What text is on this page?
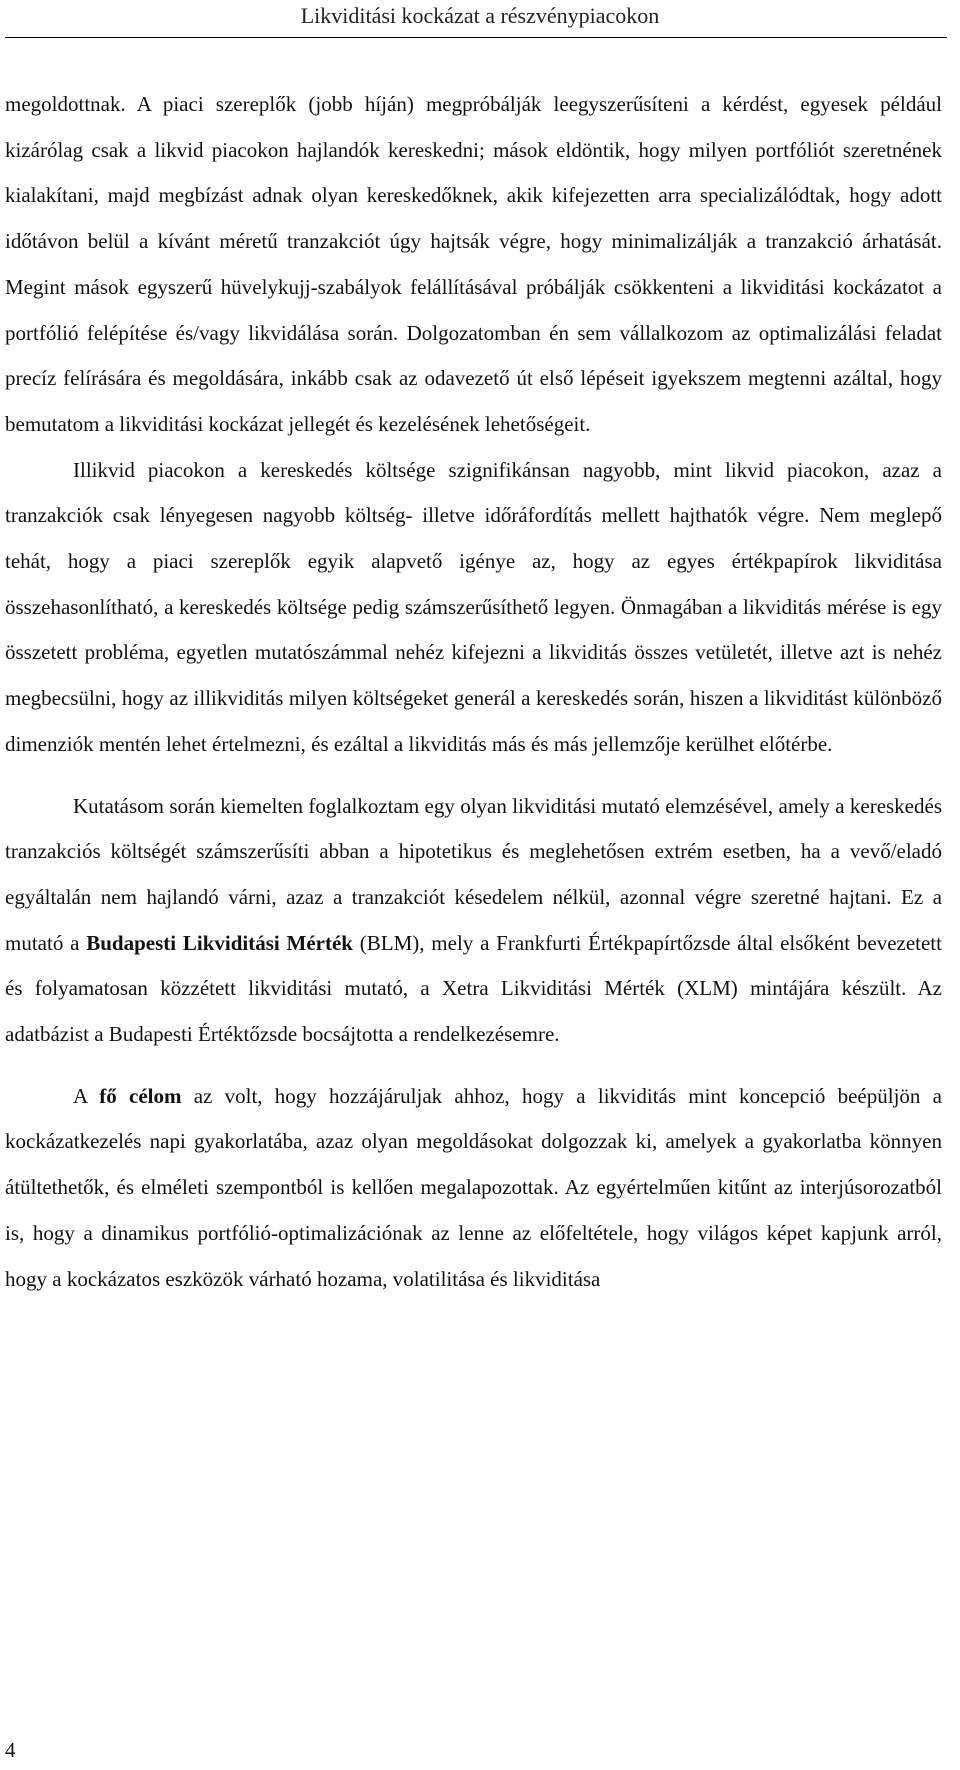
Likviditási kockázat a részvénypiacokon

megoldottnak. A piaci szereplők (jobb híján) megpróbálják leegyszerűsíteni a kérdést, egyesek például kizárólag csak a likvid piacokon hajlandók kereskedni; mások eldöntik, hogy milyen portfóliót szeretnének kialakítani, majd megbízást adnak olyan kereskedőknek, akik kifejezetten arra specializálódtak, hogy adott időtávon belül a kívánt méretű tranzakciót úgy hajtsák végre, hogy minimalizálják a tranzakció árhatását. Megint mások egyszerű hüvelykujj-szabályok felállításával próbálják csökkenteni a likviditási kockázatot a portfólió felépítése és/vagy likvidálása során. Dolgozatomban én sem vállalkozom az optimalizálási feladat precíz felírására és megoldására, inkább csak az odavezető út első lépéseit igyekszem megtenni azáltal, hogy bemutatom a likviditási kockázat jellegét és kezelésének lehetőségeit.

Illikvid piacokon a kereskedés költsége szignifikánsan nagyobb, mint likvid piacokon, azaz a tranzakciók csak lényegesen nagyobb költség- illetve időráfordítás mellett hajthatók végre. Nem meglepő tehát, hogy a piaci szereplők egyik alapvető igénye az, hogy az egyes értékpapírok likviditása összehasonlítható, a kereskedés költsége pedig számszerűsíthető legyen. Önmagában a likviditás mérése is egy összetett probléma, egyetlen mutatószámmal nehéz kifejezni a likviditás összes vetületét, illetve azt is nehéz megbecsülni, hogy az illikviditás milyen költségeket generál a kereskedés során, hiszen a likviditást különböző dimenziók mentén lehet értelmezni, és ezáltal a likviditás más és más jellemzője kerülhet előtérbe.

Kutatásom során kiemelten foglalkoztam egy olyan likviditási mutató elemzésével, amely a kereskedés tranzakciós költségét számszerűsíti abban a hipotetikus és meglehetősen extrém esetben, ha a vevő/eladó egyáltalán nem hajlandó várni, azaz a tranzakciót késedelem nélkül, azonnal végre szeretné hajtani. Ez a mutató a Budapesti Likviditási Mérték (BLM), mely a Frankfurti Értékpapírtőzsde által elsőként bevezetett és folyamatosan közzétett likviditási mutató, a Xetra Likviditási Mérték (XLM) mintájára készült. Az adatbázist a Budapesti Értéktőzsde bocsájtotta a rendelkezésemre.

A fő célom az volt, hogy hozzájáruljak ahhoz, hogy a likviditás mint koncepció beépüljön a kockázatkezelés napi gyakorlatába, azaz olyan megoldásokat dolgozzak ki, amelyek a gyakorlatba könnyen átültethetők, és elméleti szempontból is kellően megalapozottak. Az egyértelműen kitűnt az interjúsorozatból is, hogy a dinamikus portfólió-optimalizációnak az lenne az előfeltétele, hogy világos képet kapjunk arról, hogy a kockázatos eszközök várható hozama, volatilitása és likviditása

4
